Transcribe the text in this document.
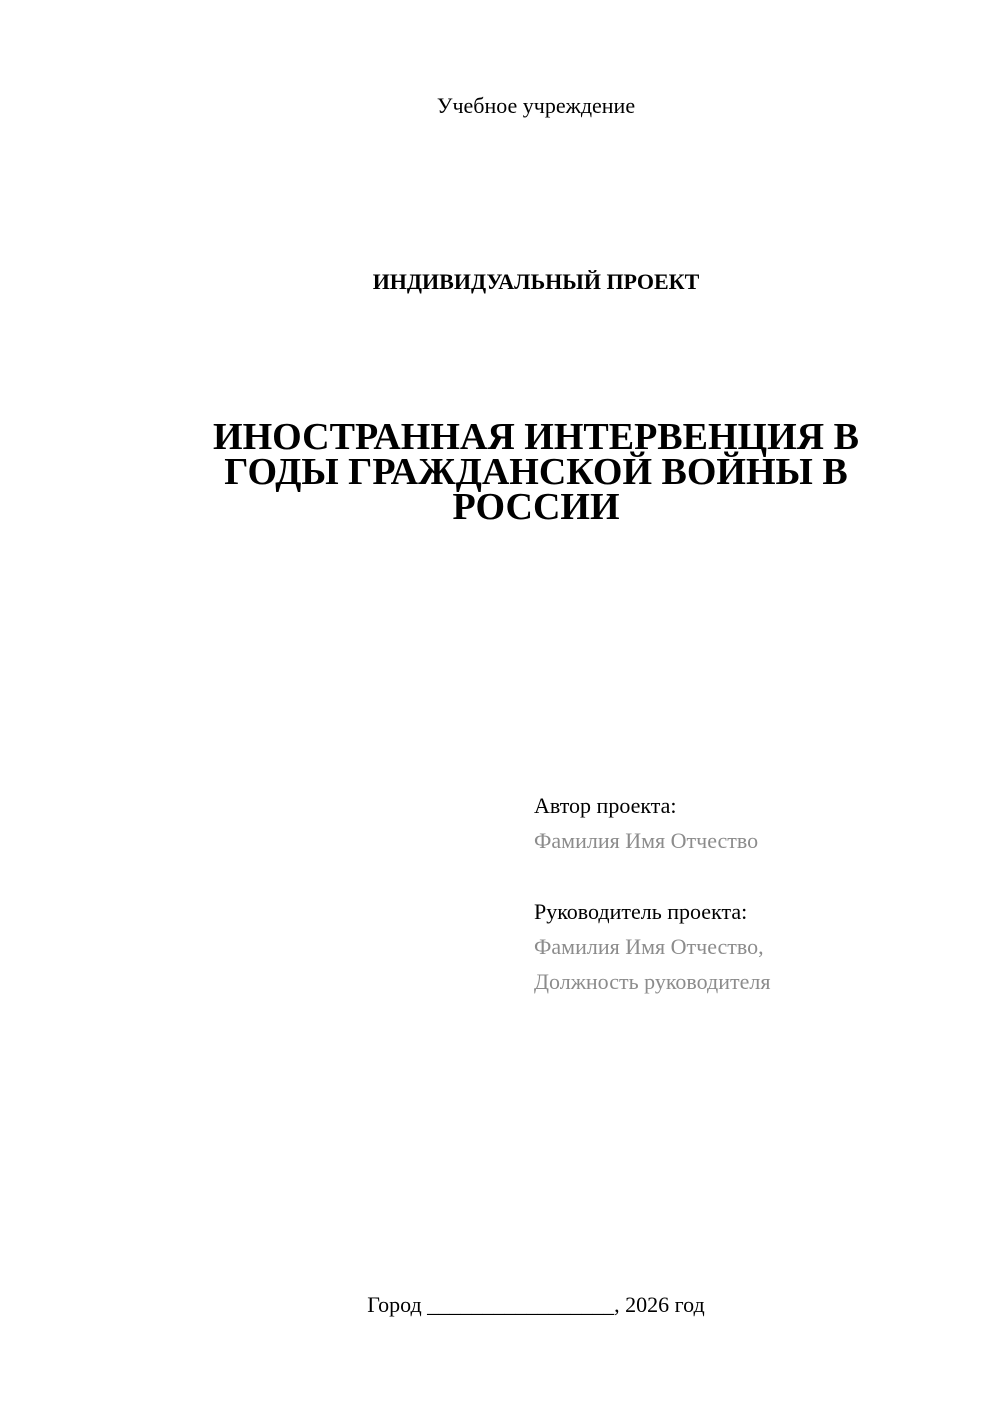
Учебное учреждение
ИНДИВИДУАЛЬНЫЙ ПРОЕКТ
ИНОСТРАННАЯ ИНТЕРВЕНЦИЯ В
ГОДЫ ГРАЖДАНСКОЙ ВОЙНЫ В
РОССИИ
Автор проекта:
Фамилия Имя Отчество
Руководитель проекта:
Фамилия Имя Отчество,
Должность руководителя
Город _________________, 2026 год
